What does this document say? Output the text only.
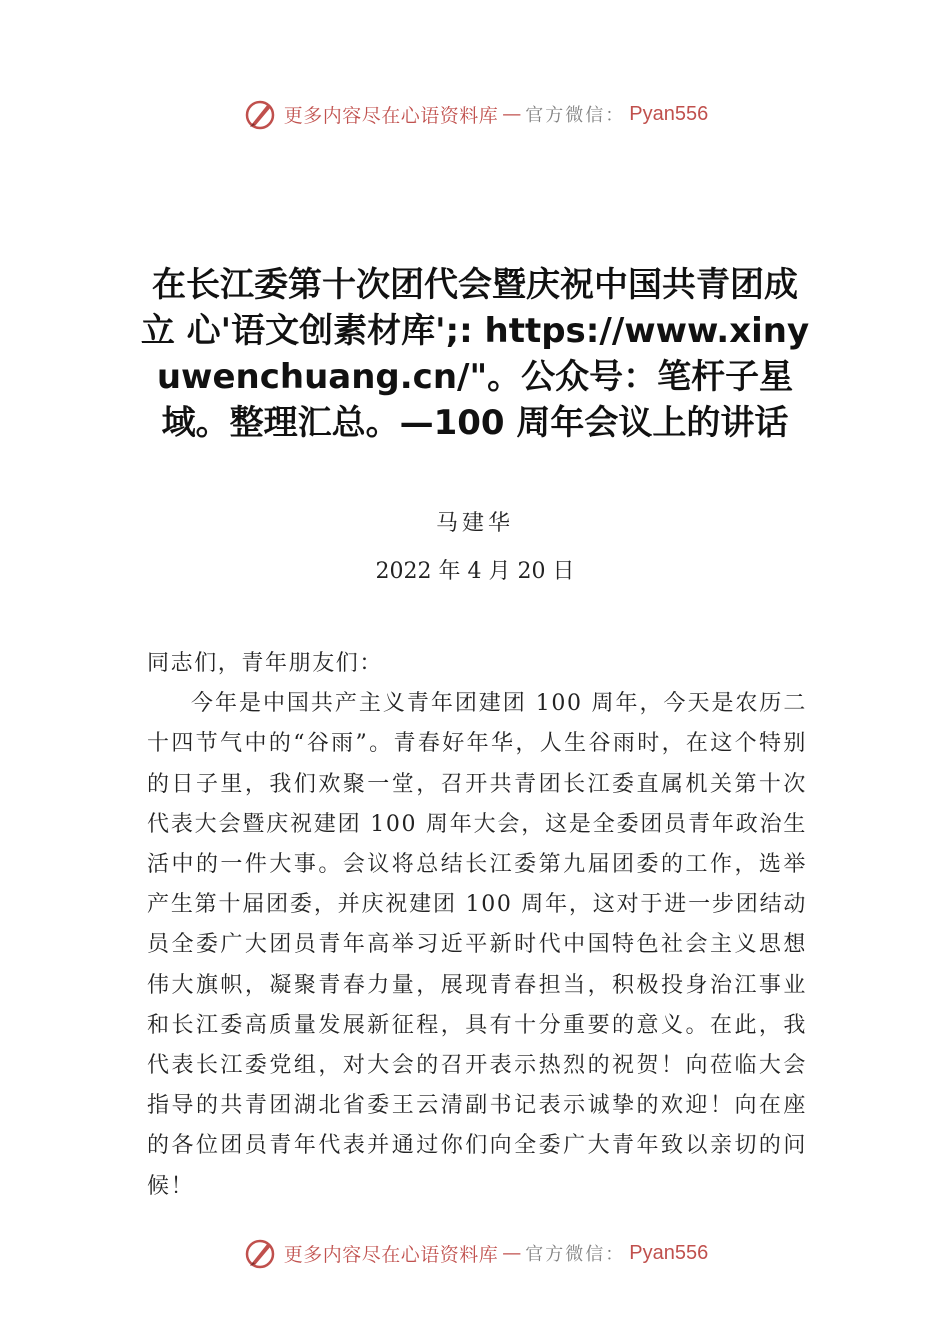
更多内容尽在心语资料库 — 官方微信： Pyan556
在长江委第十次团代会暨庆祝中国共青团成立 心'语文创素材库';: https://www.xinyuwenchuang.cn/"。公众号：笔杆子星域。整理汇总。—100 周年会议上的讲话
马建华
2022 年 4 月 20 日

同志们，青年朋友们：

今年是中国共产主义青年团建团 100 周年，今天是农历二十四节气中的“谷雨”。青春好年华，人生谷雨时，在这个特别的日子里，我们欢聚一堂，召开共青团长江委直属机关第十次代表大会暨庆祝建团 100 周年大会，这是全委团员青年政治生活中的一件大事。会议将总结长江委第九届团委的工作，选举产生第十届团委，并庆祝建团 100 周年，这对于进一步团结动员全委广大团员青年高举习近平新时代中国特色社会主义思想伟大旗帜，凝聚青春力量，展现青春担当，积极投身治江事业和长江委高质量发展新征程，具有十分重要的意义。在此，我代表长江委党组，对大会的召开表示热烈的祝贺！向莅临大会指导的共青团湖北省委王云清副书记表示诚挚的欢迎！向在座的各位团员青年代表并通过你们向全委广大青年致以亲切的问候！

更多内容尽在心语资料库 — 官方微信： Pyan556
